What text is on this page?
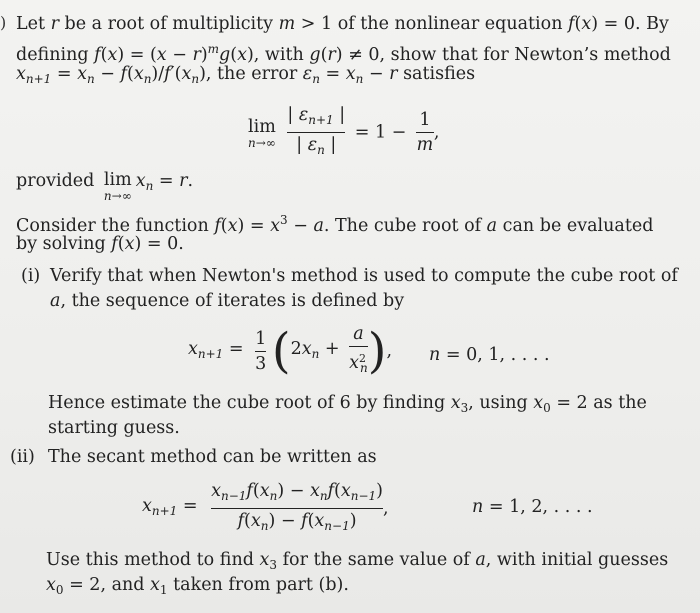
) Let r be a root of multiplicity m > 1 of the nonlinear equation f(x) = 0. By
defining $f(x) = (x - r)^mg(x)$, with g(r) ≠ 0, show that for Newton’s method
$x_{n+1} = x_n - f(x_n)/f'(x_n)$, the error $\varepsilon_n = x_n - r$ satisfies
lim
n→∞
$\frac{| \varepsilon_{n+1} |}{| \varepsilon_n |} = 1 - \frac{1}{m}$ ,
provided lim
n→∞
$x_n = r$.
Consider the function $f(x) = x^3 - a$. The cube root of a can be evaluated
by solving f(x) = 0.
(i) Verify that when Newton's method is used to compute the cube root of
a, the sequence of iterates is defined by
$x_{n+1} = \frac{1}{3} (2x_n + \frac{a}{x^2_n}$ ), n = 0, 1, . . . .
Hence estimate the cube root of 6 by finding $x_3$, using $x_0 = 2$ as the
starting guess.
(ii) The secant method can be written as
$x_{n+1} = \frac{x_{n-1}f(x_n) - x_nf(x_{n-1})}{f(x_n) - f(x_{n-1})}$ ,	n = 1, 2, . . . .
Use this method to find $x_3$ for the same value of a, with initial guesses
$x_0 = 2$, and $x_1$ taken from part (b).
